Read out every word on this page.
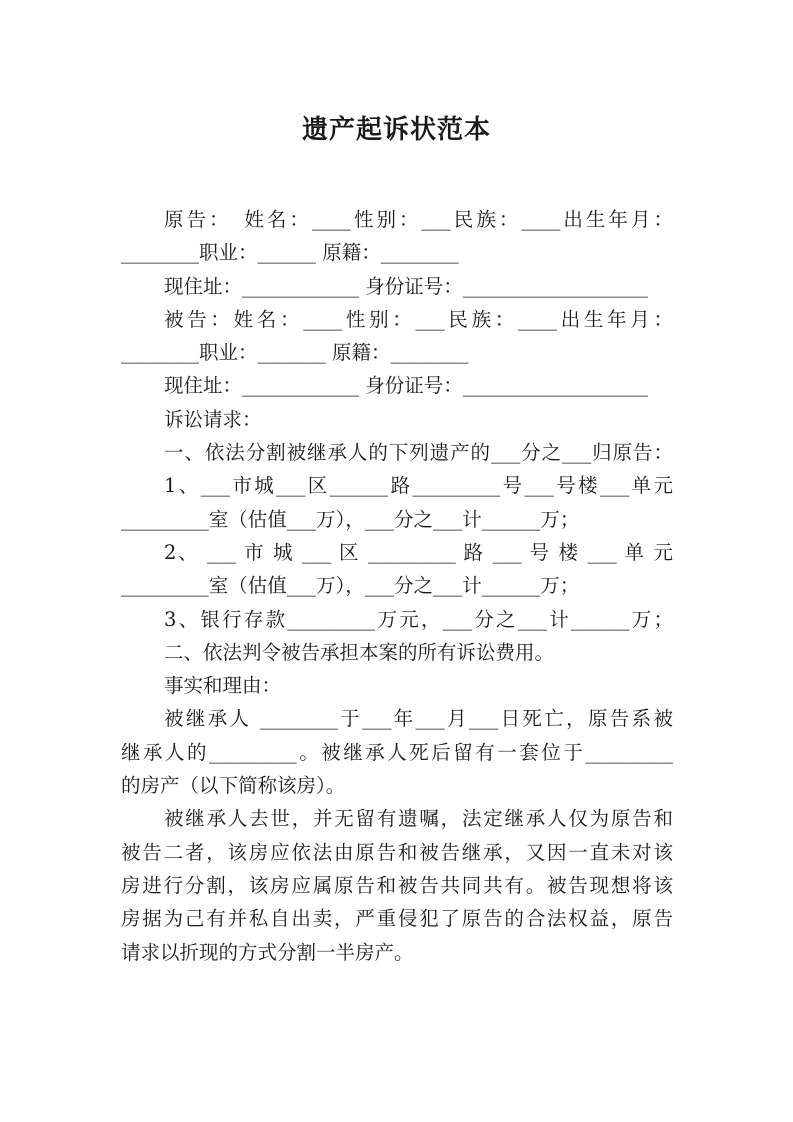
遗产起诉状范本
原告：　姓名：____性别：___民族：____出生年月：
________职业：______ 原籍：________
现住址：____________ 身份证号：___________________
被告：姓名：____性别：___民族：____出生年月：
________职业：_______ 原籍：________
现住址：____________ 身份证号：___________________
诉讼请求：
一、依法分割被继承人的下列遗产的___分之___归原告：
1、___市城___区______路_________号___号楼___单元
_________室（估值___万），___分之___计______万；
2、 ___ 市 城 ___ 区 _________ 路 ___ 号 楼 ___ 单 元
_________室（估值___万），___分之___计______万；
3、银行存款_________万元，___分之___计______万；
二、依法判令被告承担本案的所有诉讼费用。
事实和理由：
被继承人 ________于___年___月___日死亡，原告系被
继承人的_________。被继承人死后留有一套位于_________
的房产（以下简称该房）。
被继承人去世，并无留有遗嘱，法定继承人仅为原告和
被告二者，该房应依法由原告和被告继承，又因一直未对该
房进行分割，该房应属原告和被告共同共有。被告现想将该
房据为己有并私自出卖，严重侵犯了原告的合法权益，原告
请求以折现的方式分割一半房产。
